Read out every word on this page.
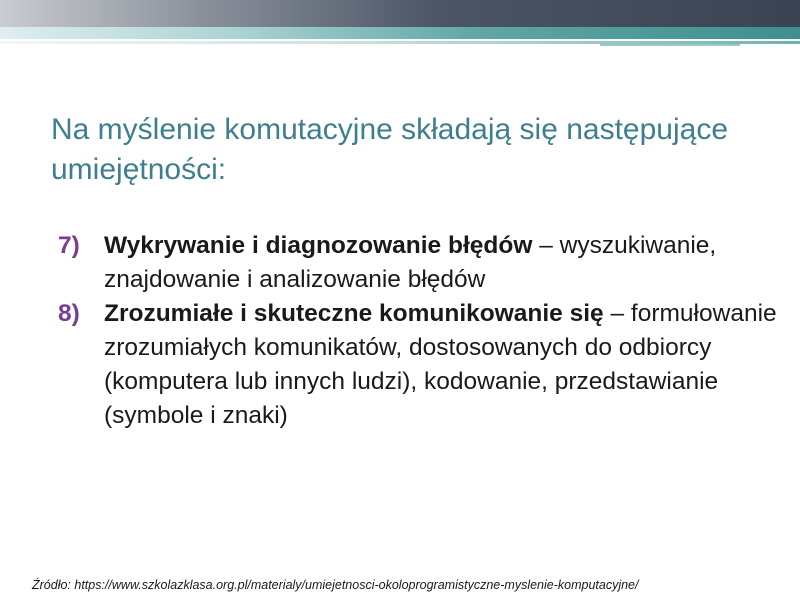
Na myślenie komutacyjne składają się następujące umiejętności:
7) Wykrywanie i diagnozowanie błędów – wyszukiwanie, znajdowanie i analizowanie błędów
8) Zrozumiałe i skuteczne komunikowanie się – formułowanie zrozumiałych komunikatów, dostosowanych do odbiorcy (komputera lub innych ludzi), kodowanie, przedstawianie (symbole i znaki)

Źródło: https://www.szkolazklasa.org.pl/materialy/umiejetnosci-okoloprogramistyczne-myslenie-komputacyjne/
